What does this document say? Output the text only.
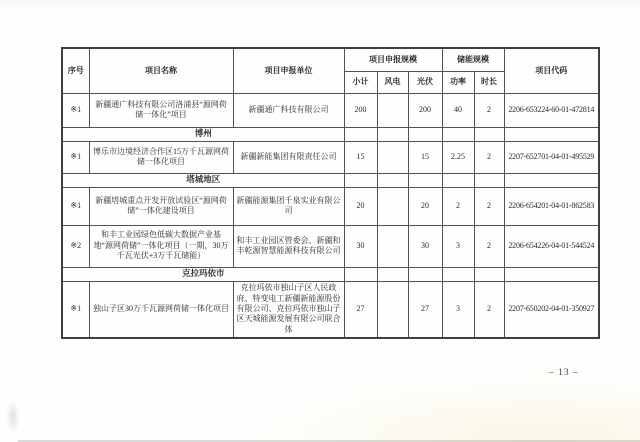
序号	项目名称	项目申报单位	项目申报规模			储能规模		项目代码
			小计	风电	光伏	功率	时长	
※1	新疆通广科技有限公司洛浦县“源网荷储一体化”项目	新疆通广科技有限公司	200		200	40	2	2206-653224-60-01-472814
博州								
※1	博乐市边境经济合作区15万千瓦源网荷储一体化项目	新疆新能集团有限责任公司	15		15	2.25	2	2207-652701-04-01-495529
塔城地区								
※1	新疆塔城重点开发开放试验区“源网荷储”一体化建设项目	新疆能源集团千泉实业有限公司	20		20	2	2	2206-654201-04-01-862583
※2	和丰工业园绿色低碳大数据产业基地“源网荷储”一体化项目（一期，30万千瓦光伏+3万千瓦储能）	和丰工业园区管委会、新疆和丰乾源智慧能源科技有限公司	30		30	3	2	2206-654226-04-01-544524
克拉玛依市								
※1	独山子区30万千瓦源网荷储一体化项目	克拉玛依市独山子区人民政府、特变电工新疆新能源股份有限公司、克拉玛依市独山子区天城能源发展有限公司联合体	27		27	3	2	2207-650202-04-01-350927
– 13 –
